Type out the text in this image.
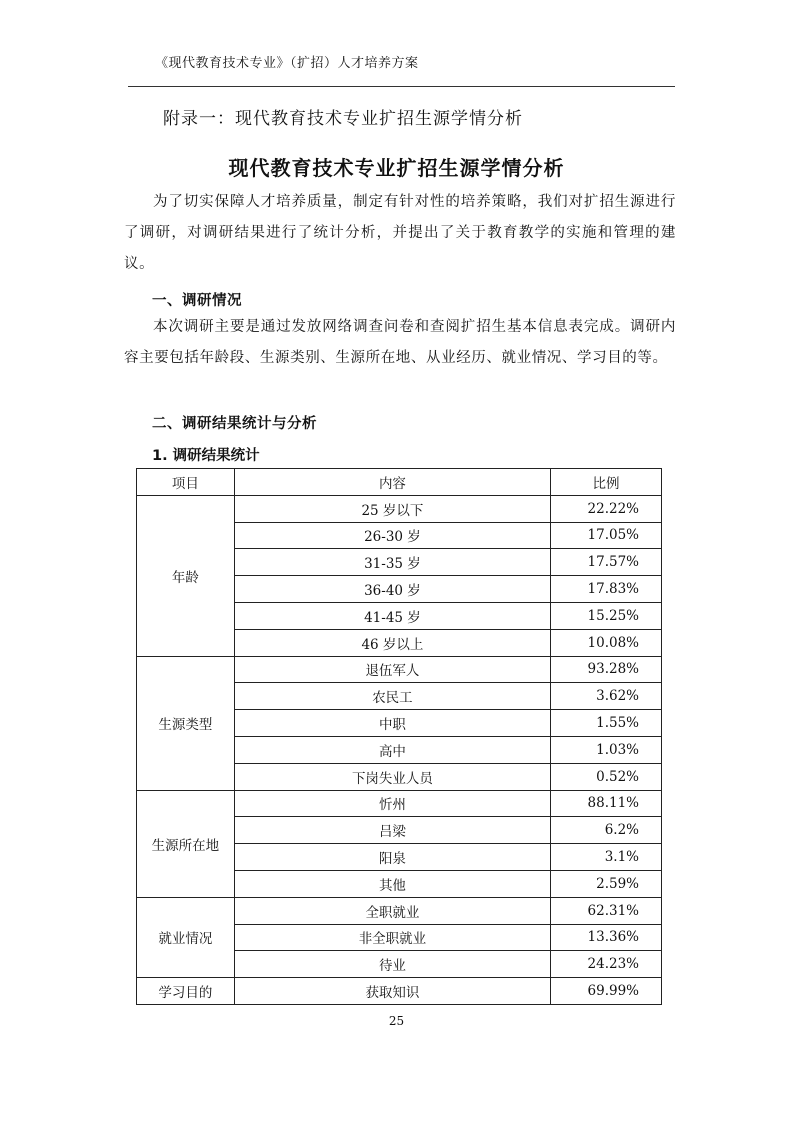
《现代教育技术专业》（扩招）人才培养方案
附录一：现代教育技术专业扩招生源学情分析
现代教育技术专业扩招生源学情分析

为了切实保障人才培养质量，制定有针对性的培养策略，我们对扩招生源进行了调研，对调研结果进行了统计分析，并提出了关于教育教学的实施和管理的建议。

一、调研情况

本次调研主要是通过发放网络调查问卷和查阅扩招生基本信息表完成。调研内容主要包括年龄段、生源类别、生源所在地、从业经历、就业情况、学习目的等。

二、调研结果统计与分析
1. 调研结果统计
项目	内容	比例
年龄	25 岁以下	22.22%
	26-30 岁	17.05%
	31-35 岁	17.57%
	36-40 岁	17.83%
	41-45 岁	15.25%
	46 岁以上	10.08%
生源类型	退伍军人	93.28%
	农民工	3.62%
	中职	1.55%
	高中	1.03%
	下岗失业人员	0.52%
生源所在地	忻州	88.11%
	吕梁	6.2%
	阳泉	3.1%
	其他	2.59%
就业情况	全职就业	62.31%
	非全职就业	13.36%
	待业	24.23%
学习目的	获取知识	69.99%
25
